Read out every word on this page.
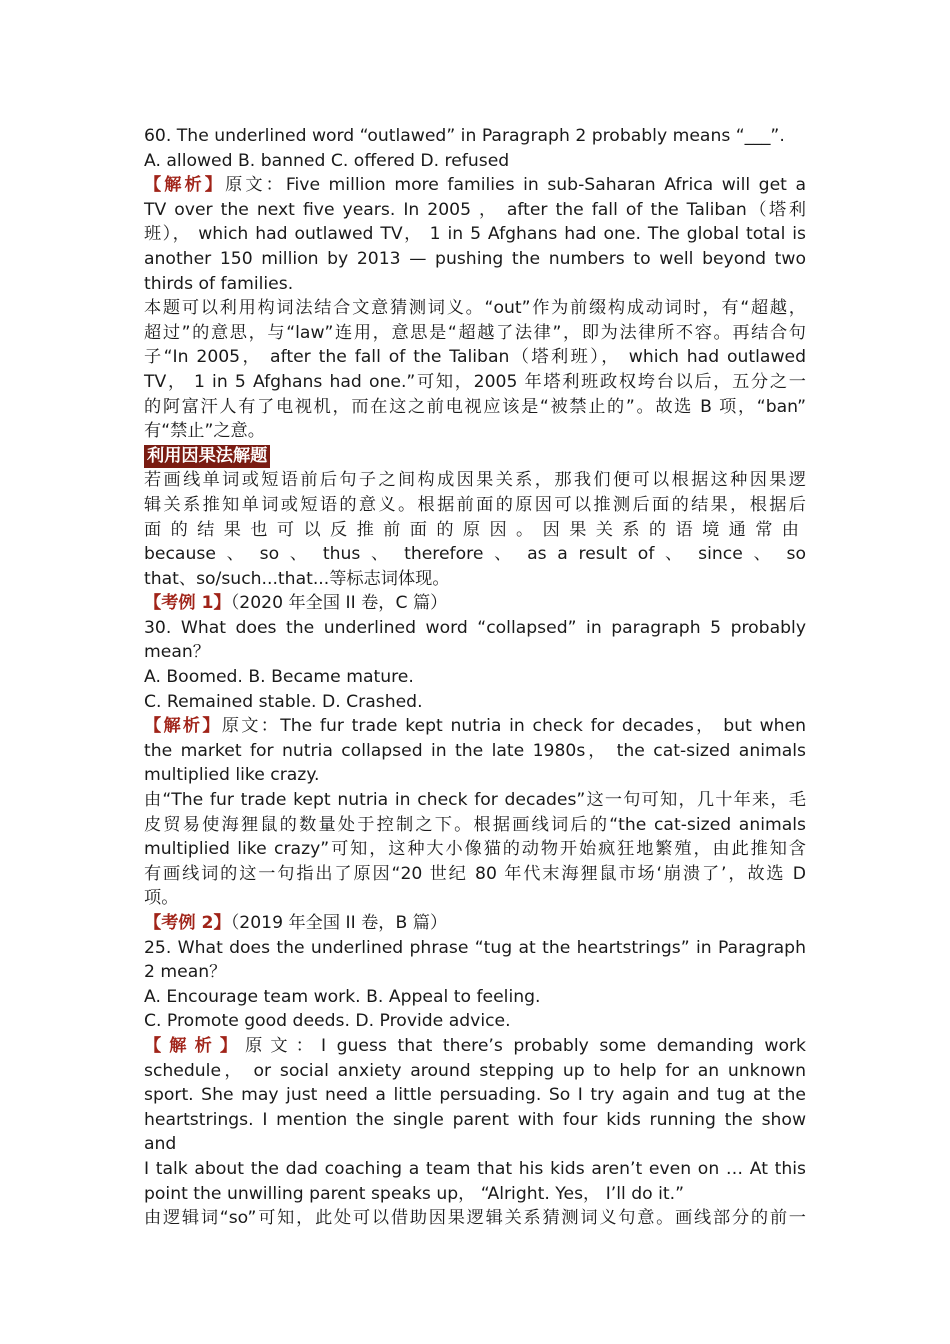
60. The underlined word “outlawed” in Paragraph 2 probably means “___”.

A. allowed B. banned C. offered D. refused

【解析】原文：Five million more families in sub-Saharan Africa will get a

TV over the next five years. In 2005 ， after the fall of the Taliban（塔利

班）， which had outlawed TV， 1 in 5 Afghans had one. The global total is

another 150 million by 2013 — pushing the numbers to well beyond two

thirds of families.

本题可以利用构词法结合文意猜测词义。“out”作为前缀构成动词时，有“超越，

超过”的意思，与“law”连用，意思是“超越了法律”，即为法律所不容。再结合句

子“In 2005， after the fall of the Taliban（塔利班）， which had outlawed

TV， 1 in 5 Afghans had one.”可知，2005 年塔利班政权垮台以后，五分之一

的阿富汗人有了电视机，而在这之前电视应该是“被禁止的”。故选 B 项，“ban”

有“禁止”之意。

利用因果法解题

若画线单词或短语前后句子之间构成因果关系，那我们便可以根据这种因果逻

辑关系推知单词或短语的意义。根据前面的原因可以推测后面的结果，根据后

面的结果也可以反推前面的原因。因果关系的语境通常由

because 、 so 、 thus 、 therefore 、 as a result of 、 since 、 so

that、so/such...that...等标志词体现。

【考例 1】（2020 年全国 II 卷，C 篇）

30. What does the underlined word “collapsed” in paragraph 5 probably

mean？

A. Boomed. B. Became mature.

C. Remained stable. D. Crashed.

【解析】原文：The fur trade kept nutria in check for decades， but when

the market for nutria collapsed in the late 1980s， the cat-sized animals

multiplied like crazy.

由“The fur trade kept nutria in check for decades”这一句可知，几十年来，毛

皮贸易使海狸鼠的数量处于控制之下。根据画线词后的“the cat-sized animals

multiplied like crazy”可知，这种大小像猫的动物开始疯狂地繁殖，由此推知含

有画线词的这一句指出了原因“20 世纪 80 年代末海狸鼠市场‘崩溃了’，故选 D

项。

【考例 2】（2019 年全国 II 卷，B 篇）

25. What does the underlined phrase “tug at the heartstrings” in Paragraph

2 mean？

A. Encourage team work. B. Appeal to feeling.

C. Promote good deeds. D. Provide advice.

【解析】原文：I guess that there’s probably some demanding work

schedule， or social anxiety around stepping up to help for an unknown

sport. She may just need a little persuading. So I try again and tug at the

heartstrings. I mention the single parent with four kids running the show and

I talk about the dad coaching a team that his kids aren’t even on … At this

point the unwilling parent speaks up， “Alright. Yes， I’ll do it.”

由逻辑词“so”可知，此处可以借助因果逻辑关系猜测词义句意。画线部分的前一
